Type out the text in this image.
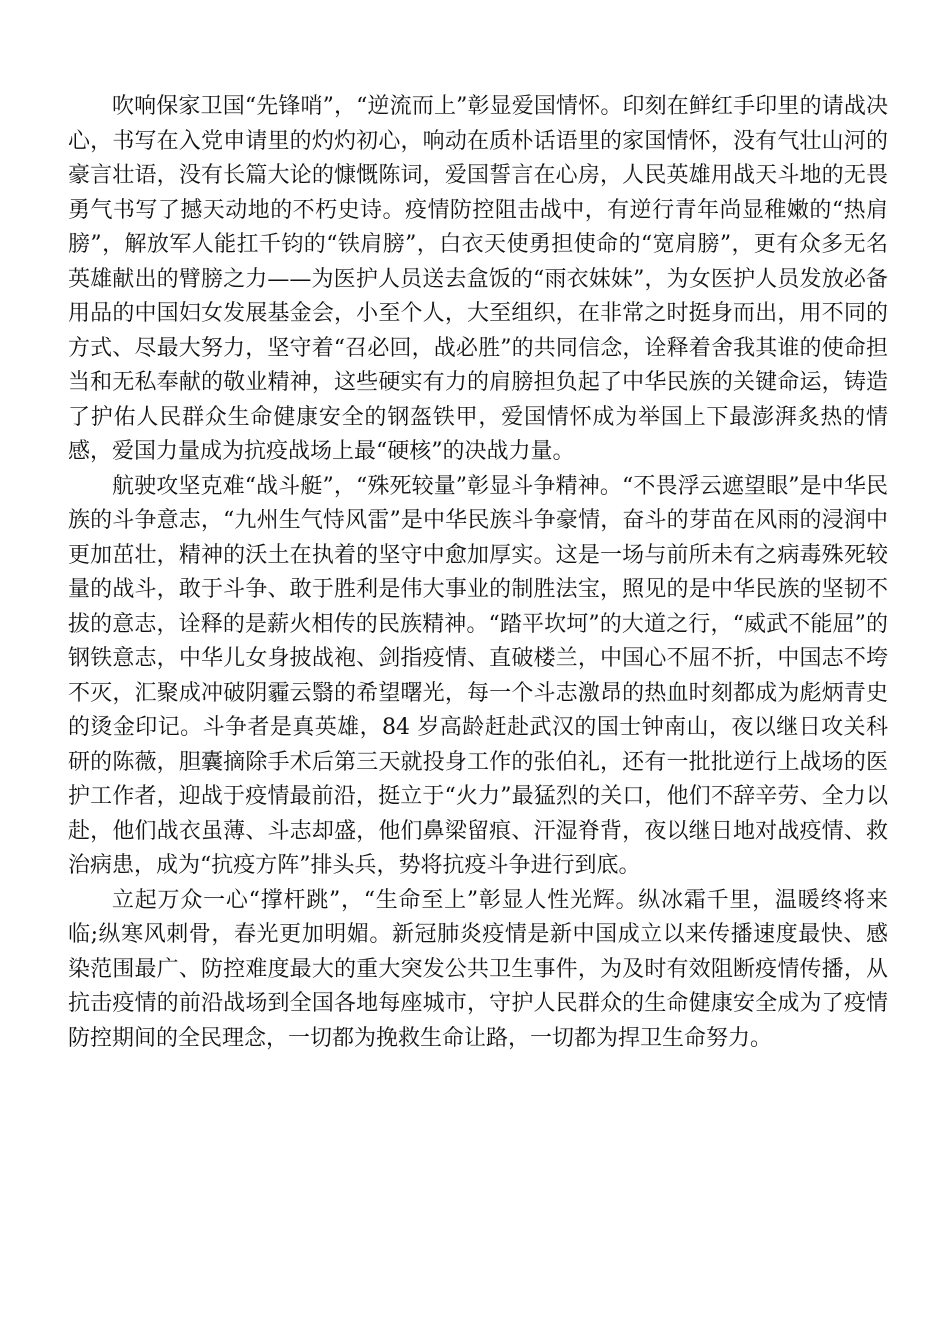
吹响保家卫国“先锋哨”，“逆流而上”彰显爱国情怀。印刻在鲜红手印里的请战决心，书写在入党申请里的灼灼初心，响动在质朴话语里的家国情怀，没有气壮山河的豪言壮语，没有长篇大论的慷慨陈词，爱国誓言在心房，人民英雄用战天斗地的无畏勇气书写了撼天动地的不朽史诗。疫情防控阻击战中，有逆行青年尚显稚嫩的“热肩膀”，解放军人能扛千钧的“铁肩膀”，白衣天使勇担使命的“宽肩膀”，更有众多无名英雄献出的臂膀之力——为医护人员送去盒饭的“雨衣妹妹”，为女医护人员发放必备用品的中国妇女发展基金会，小至个人，大至组织，在非常之时挺身而出，用不同的方式、尽最大努力，坚守着“召必回，战必胜”的共同信念，诠释着舍我其谁的使命担当和无私奉献的敬业精神，这些硬实有力的肩膀担负起了中华民族的关键命运，铸造了护佑人民群众生命健康安全的钢盔铁甲，爱国情怀成为举国上下最澎湃炙热的情感，爱国力量成为抗疫战场上最“硬核”的决战力量。

航驶攻坚克难“战斗艇”，“殊死较量”彰显斗争精神。“不畏浮云遮望眼”是中华民族的斗争意志，“九州生气恃风雷”是中华民族斗争豪情，奋斗的芽苗在风雨的浸润中更加茁壮，精神的沃土在执着的坚守中愈加厚实。这是一场与前所未有之病毒殊死较量的战斗，敢于斗争、敢于胜利是伟大事业的制胜法宝，照见的是中华民族的坚韧不拔的意志，诠释的是薪火相传的民族精神。“踏平坎坷”的大道之行，“威武不能屈”的钢铁意志，中华儿女身披战袍、剑指疫情、直破楼兰，中国心不屈不折，中国志不垮不灭，汇聚成冲破阴霾云翳的希望曙光，每一个斗志激昂的热血时刻都成为彪炳青史的烫金印记。斗争者是真英雄，84 岁高龄赶赴武汉的国士钟南山，夜以继日攻关科研的陈薇，胆囊摘除手术后第三天就投身工作的张伯礼，还有一批批逆行上战场的医护工作者，迎战于疫情最前沿，挺立于“火力”最猛烈的关口，他们不辞辛劳、全力以赴，他们战衣虽薄、斗志却盛，他们鼻梁留痕、汗湿脊背，夜以继日地对战疫情、救治病患，成为“抗疫方阵”排头兵，势将抗疫斗争进行到底。

立起万众一心“撑杆跳”，“生命至上”彰显人性光辉。纵冰霜千里，温暖终将来临;纵寒风刺骨，春光更加明媚。新冠肺炎疫情是新中国成立以来传播速度最快、感染范围最广、防控难度最大的重大突发公共卫生事件，为及时有效阻断疫情传播，从抗击疫情的前沿战场到全国各地每座城市，守护人民群众的生命健康安全成为了疫情防控期间的全民理念，一切都为挽救生命让路，一切都为捍卫生命努力。
